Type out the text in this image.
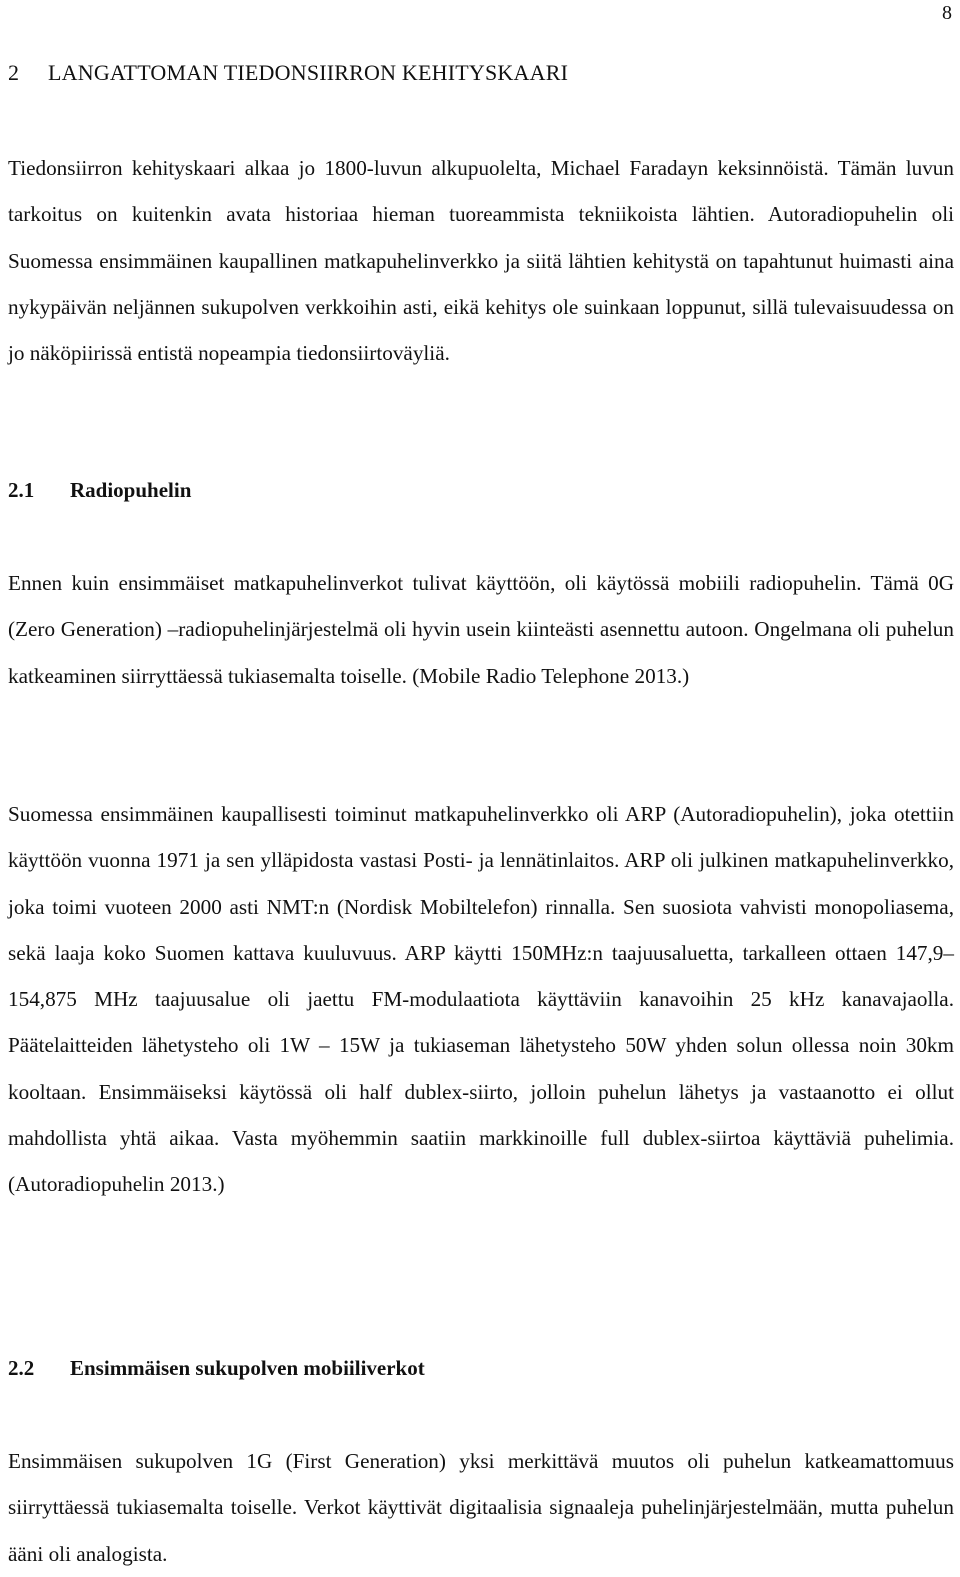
8
2 LANGATTOMAN TIEDONSIIRRON KEHITYSKAARI

Tiedonsiirron kehityskaari alkaa jo 1800-luvun alkupuolelta, Michael Faradayn keksinnöistä. Tämän luvun tarkoitus on kuitenkin avata historiaa hieman tuoreammista tekniikoista lähtien. Autoradiopuhelin oli Suomessa ensimmäinen kaupallinen matkapuhelinverkko ja siitä lähtien kehitystä on tapahtunut huimasti aina nykypäivän neljännen sukupolven verkkoihin asti, eikä kehitys ole suinkaan loppunut, sillä tulevaisuudessa on jo näköpiirissä entistä nopeampia tiedonsiirtoväyliä.

2.1 Radiopuhelin

Ennen kuin ensimmäiset matkapuhelinverkot tulivat käyttöön, oli käytössä mobiili radiopuhelin. Tämä 0G (Zero Generation) –radiopuhelinjärjestelmä oli hyvin usein kiinteästi asennettu autoon. Ongelmana oli puhelun katkeaminen siirryttäessä tukiasemalta toiselle. (Mobile Radio Telephone 2013.)

Suomessa ensimmäinen kaupallisesti toiminut matkapuhelinverkko oli ARP (Autoradiopuhelin), joka otettiin käyttöön vuonna 1971 ja sen ylläpidosta vastasi Posti- ja lennätinlaitos. ARP oli julkinen matkapuhelinverkko, joka toimi vuoteen 2000 asti NMT:n (Nordisk Mobiltelefon) rinnalla. Sen suosiota vahvisti monopoliasema, sekä laaja koko Suomen kattava kuuluvuus. ARP käytti 150MHz:n taajuusaluetta, tarkalleen ottaen 147,9–154,875 MHz taajuusalue oli jaettu FM-modulaatiota käyttäviin kanavoihin 25 kHz kanavajaolla. Päätelaitteiden lähetysteho oli 1W – 15W ja tukiaseman lähetysteho 50W yhden solun ollessa noin 30km kooltaan. Ensimmäiseksi käytössä oli half dublex-siirto, jolloin puhelun lähetys ja vastaanotto ei ollut mahdollista yhtä aikaa. Vasta myöhemmin saatiin markkinoille full dublex-siirtoa käyttäviä puhelimia. (Autoradiopuhelin 2013.)

2.2 Ensimmäisen sukupolven mobiiliverkot

Ensimmäisen sukupolven 1G (First Generation) yksi merkittävä muutos oli puhelun katkeamattomuus siirryttäessä tukiasemalta toiselle. Verkot käyttivät digitaalisia signaaleja puhelinjärjestelmään, mutta puhelun ääni oli analogista.
